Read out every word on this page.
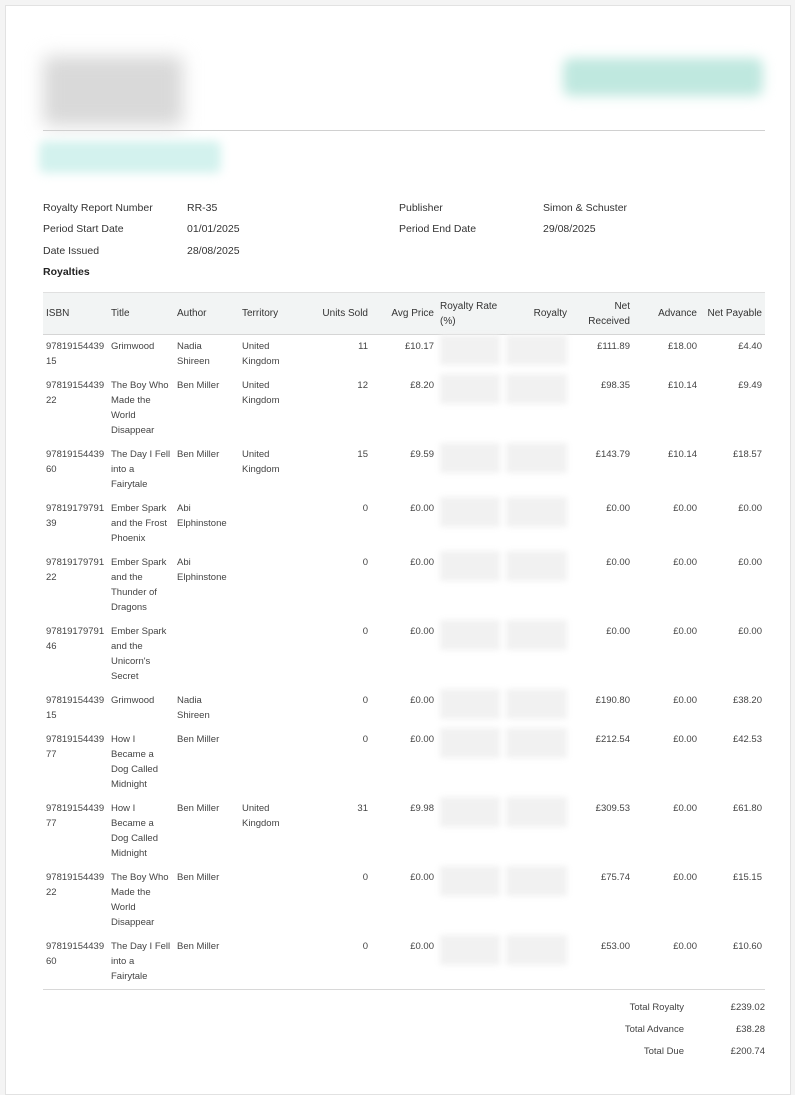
Royalty Report Number	RR-35
Period Start Date	01/01/2025
Date Issued	28/08/2025
Publisher	Simon & Schuster
Period End Date	29/08/2025
Royalties
ISBN	Title	Author	Territory	Units Sold	Avg Price	Royalty Rate (%)	Royalty	Net Received	Advance	Net Payable
9781915443915	Grimwood	Nadia Shireen	United Kingdom	11	£10.17			£111.89	£18.00	£4.40
9781915443922	The Boy Who Made the World Disappear	Ben Miller	United Kingdom	12	£8.20			£98.35	£10.14	£9.49
9781915443960	The Day I Fell into a Fairytale	Ben Miller	United Kingdom	15	£9.59			£143.79	£10.14	£18.57
9781917979139	Ember Spark and the Frost Phoenix	Abi Elphinstone		0	£0.00			£0.00	£0.00	£0.00
9781917979122	Ember Spark and the Thunder of Dragons	Abi Elphinstone		0	£0.00			£0.00	£0.00	£0.00
9781917979146	Ember Spark and the Unicorn's Secret			0	£0.00			£0.00	£0.00	£0.00
9781915443915	Grimwood	Nadia Shireen		0	£0.00			£190.80	£0.00	£38.20
9781915443977	How I Became a Dog Called Midnight	Ben Miller		0	£0.00			£212.54	£0.00	£42.53
9781915443977	How I Became a Dog Called Midnight	Ben Miller	United Kingdom	31	£9.98			£309.53	£0.00	£61.80
9781915443922	The Boy Who Made the World Disappear	Ben Miller		0	£0.00			£75.74	£0.00	£15.15
9781915443960	The Day I Fell into a Fairytale	Ben Miller		0	£0.00			£53.00	£0.00	£10.60
Total Royalty	£239.02
Total Advance	£38.28
Total Due	£200.74
